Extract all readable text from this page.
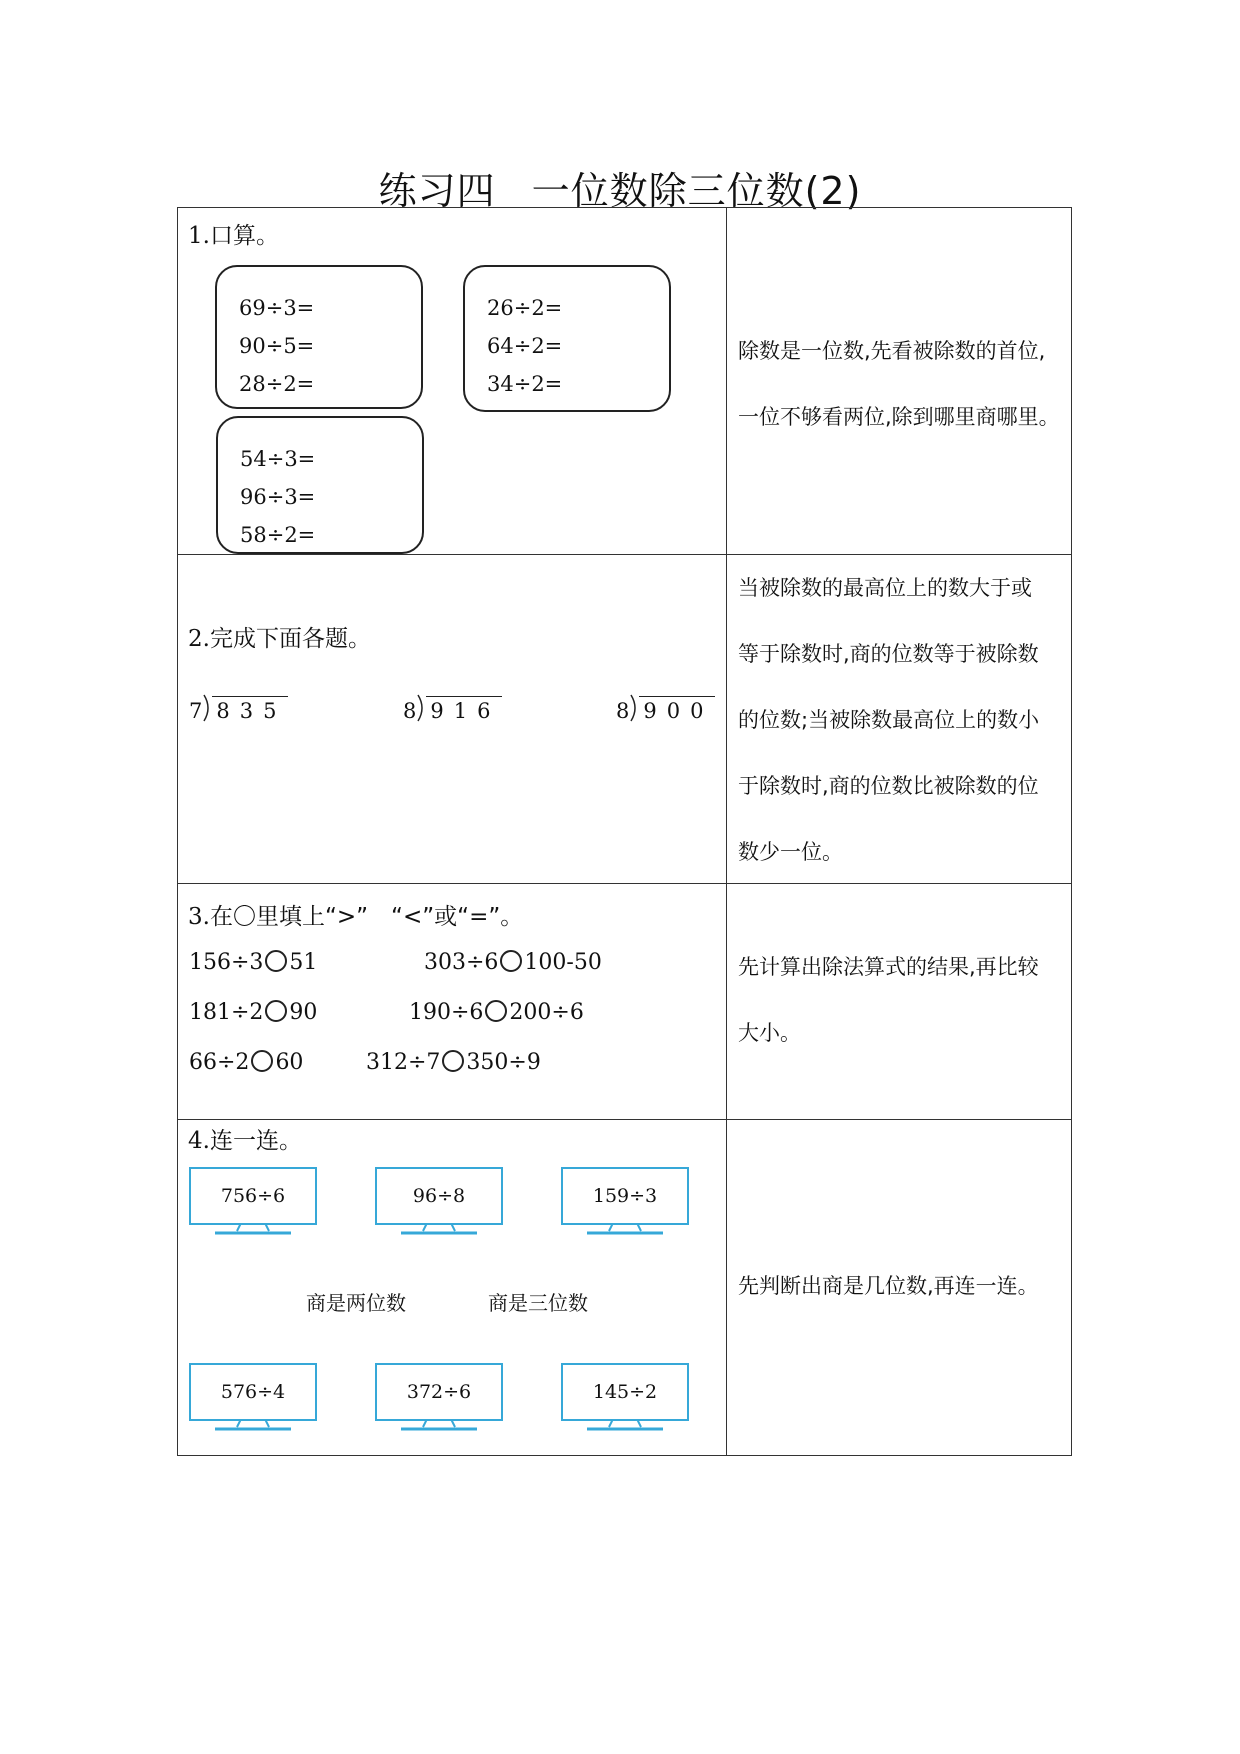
练习四 一位数除三位数(2)
1.口算。
69÷3=
90÷5=
28÷2=
26÷2=
64÷2=
34÷2=
54÷3=
96÷3=
58÷2=
除数是一位数,先看被除数的首位,
一位不够看两位,除到哪里商哪里。
2.完成下面各题。
7 835	8 916	8 900
当被除数的最高位上的数大于或
等于除数时,商的位数等于被除数
的位数;当被除数最高位上的数小
于除数时,商的位数比被除数的位
数少一位。
3.在〇里填上“>”　“<”或“=”。
156÷3 51	303÷6 100-50
181÷2 90	190÷6 200÷6
66÷2 60	312÷7 350÷9
先计算出除法算式的结果,再比较
大小。
4.连一连。
756÷6	96÷8	159÷3
商是两位数	商是三位数
576÷4	372÷6	145÷2
先判断出商是几位数,再连一连。
